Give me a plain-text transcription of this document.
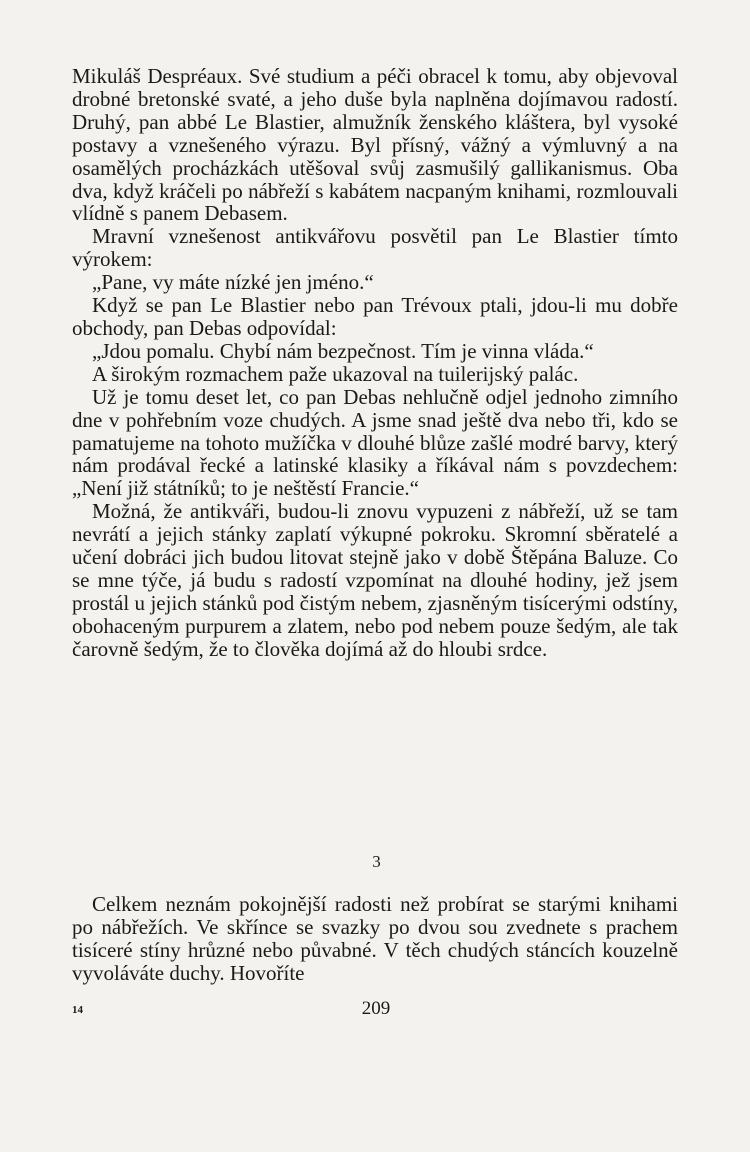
Mikuláš Despréaux. Své studium a péči obracel k tomu, aby objevoval drobné bretonské svaté, a jeho duše byla naplněna dojímavou radostí. Druhý, pan abbé Le Blastier, almužník ženského kláštera, byl vysoké postavy a vznešeného výrazu. Byl přísný, vážný a výmluvný a na osamělých procházkách utěšoval svůj zasmušilý gallikanismus. Oba dva, když kráčeli po nábřeží s kabátem nacpaným knihami, rozmlouvali vlídně s panem Debasem.

Mravní vznešenost antikvářovu posvětil pan Le Blastier tímto výrokem:

„Pane, vy máte nízké jen jméno.“

Když se pan Le Blastier nebo pan Trévoux ptali, jdou-li mu dobře obchody, pan Debas odpovídal:

„Jdou pomalu. Chybí nám bezpečnost. Tím je vinna vláda.“

A širokým rozmachem paže ukazoval na tuilerijský palác.

Už je tomu deset let, co pan Debas nehlučně odjel jednoho zimního dne v pohřebním voze chudých. A jsme snad ještě dva nebo tři, kdo se pamatujeme na tohoto mužíčka v dlouhé blůze zašlé modré barvy, který nám prodával řecké a latinské klasiky a říkával nám s povzdechem: „Není již státníků; to je neštěstí Francie.“

Možná, že antikváři, budou-li znovu vypuzeni z nábřeží, už se tam nevrátí a jejich stánky zaplatí výkupné pokroku. Skromní sběratelé a učení dobráci jich budou litovat stejně jako v době Štěpána Baluze. Co se mne týče, já budu s radostí vzpomínat na dlouhé hodiny, jež jsem prostál u jejich stánků pod čistým nebem, zjasněným tisícerými odstíny, obohaceným purpurem a zlatem, nebo pod nebem pouze šedým, ale tak čarovně šedým, že to člověka dojímá až do hloubi srdce.

3

Celkem neznám pokojnější radosti než probírat se starými knihami po nábřežích. Ve skřínce se svazky po dvou sou zvednete s prachem tisíceré stíny hrůzné nebo půvabné. V těch chudých stáncích kouzelně vyvoláváte duchy. Hovoříte

14	209
